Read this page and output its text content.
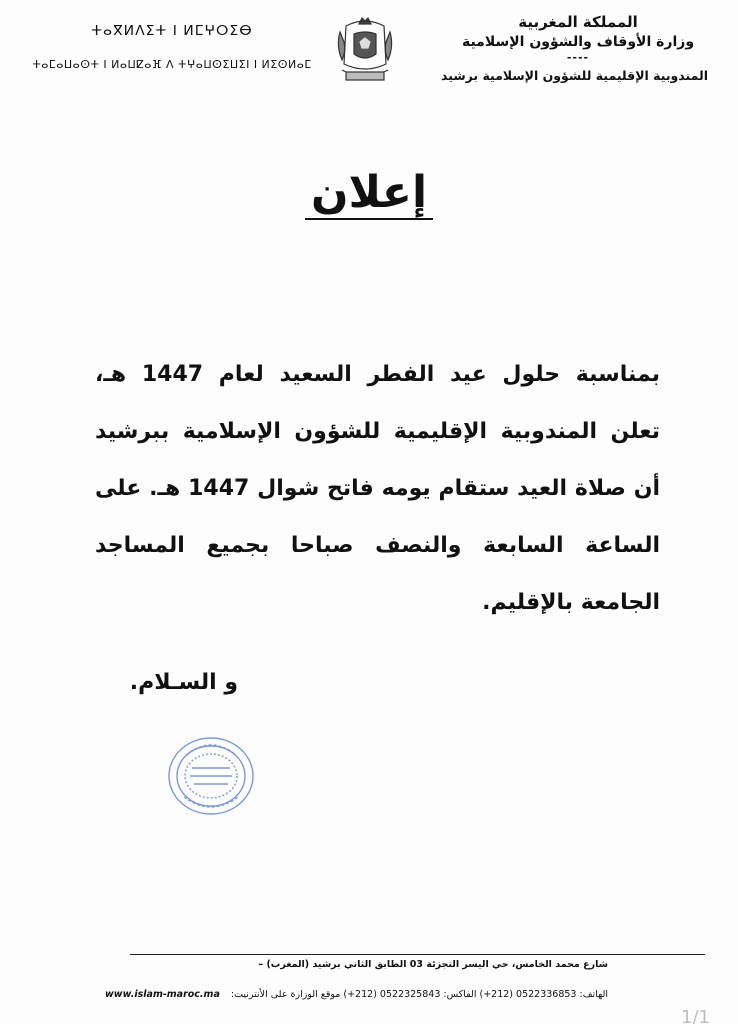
المملكة المغربية
وزارة الأوقاف والشؤون الإسلامية
----
المندوبية الإقليمية للشؤون الإسلامية برشيد
ⵜⴰⴳⵍⴷⵉⵜ ⵏ ⵍⵎⵖⵔⵉⴱ
ⵜⴰⵎⴰⵡⴰⵙⵜ ⵏ ⵍⴰⵡⵇⴰⴼ ⴷ ⵜⵖⴰⵡⵙⵉⵡⵉⵏ ⵏ ⵍⵉⵙⵍⴰⵎ
إعلان
بمناسبة حلول عيد الفطر السعيد لعام 1447 هـ، تعلن المندوبية الإقليمية للشؤون الإسلامية ببرشيد أن صلاة العيد ستقام يومه فاتح شوال 1447 هـ. على الساعة السابعة والنصف صباحا بجميع المساجد الجامعة بالإقليم.
و السـلام.
شارع محمد الخامس، حي اليسر التجزئة 03 الطابق الثاني برشيد (المغرب) –
الهاتف: 0522336853 (212+) الفاكس: 0522325843 (212+) موقع الوزارة على الأنترنيت: www.islam-maroc.ma
1/1
